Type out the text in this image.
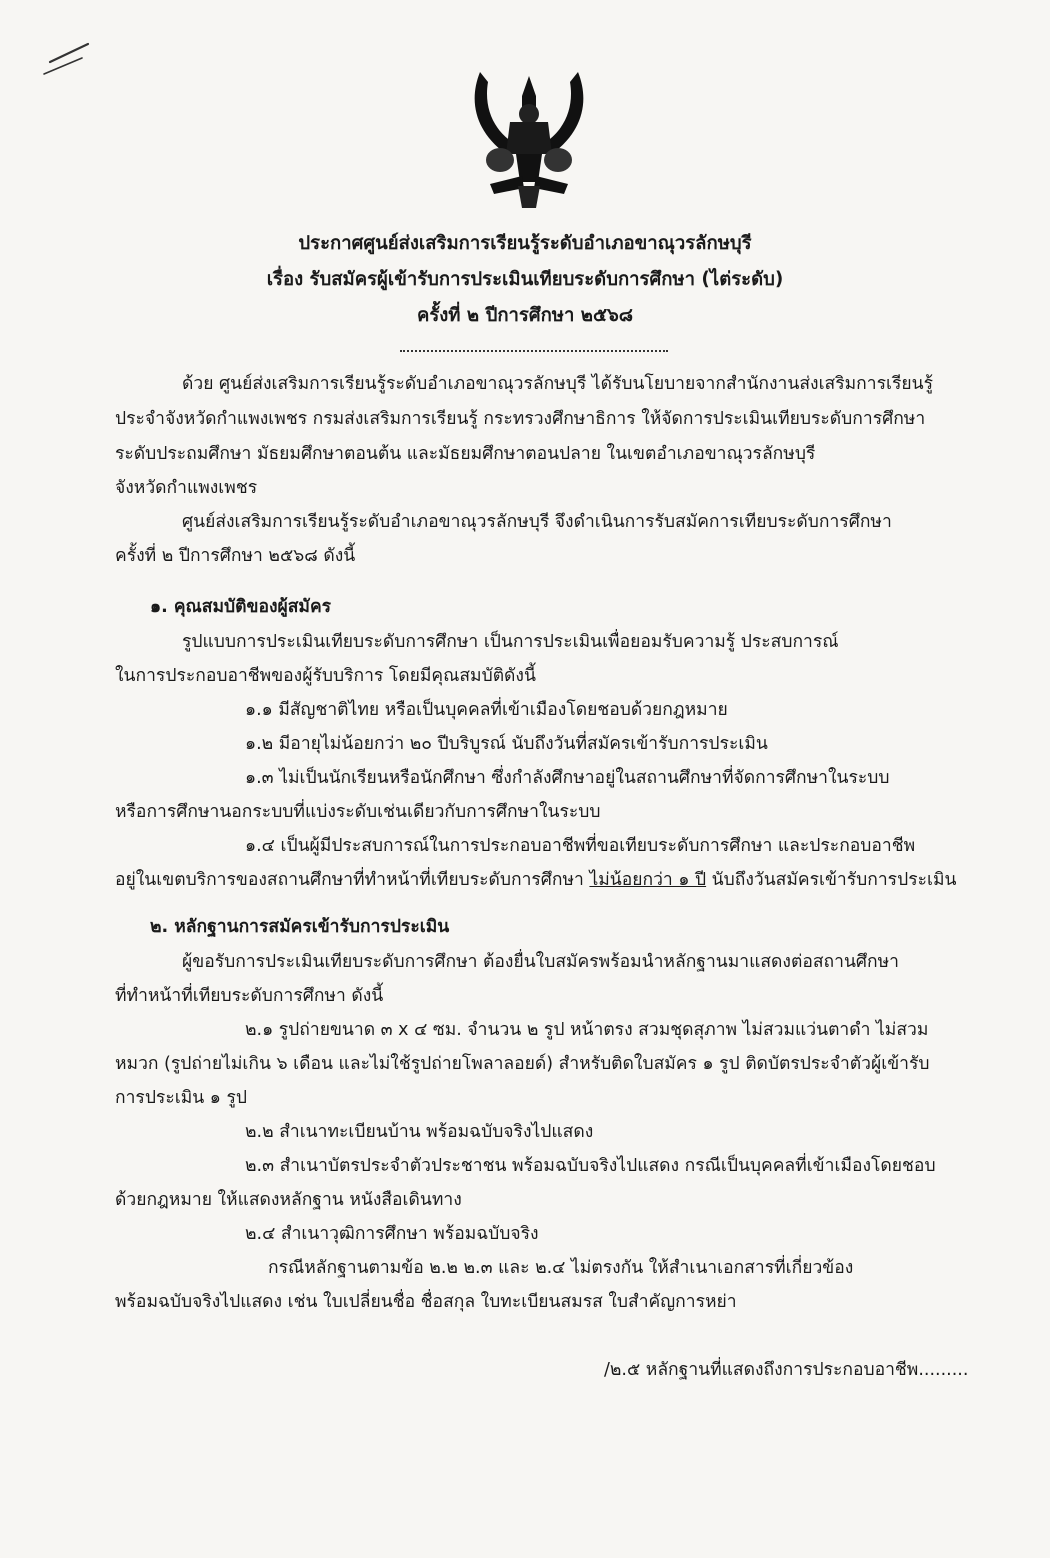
ประกาศศูนย์ส่งเสริมการเรียนรู้ระดับอำเภอขาณุวรลักษบุรี
เรื่อง รับสมัครผู้เข้ารับการประเมินเทียบระดับการศึกษา (ไต่ระดับ)
ครั้งที่ ๒ ปีการศึกษา ๒๕๖๘
ด้วย ศูนย์ส่งเสริมการเรียนรู้ระดับอำเภอขาณุวรลักษบุรี ได้รับนโยบายจากสำนักงานส่งเสริมการเรียนรู้
ประจำจังหวัดกำแพงเพชร กรมส่งเสริมการเรียนรู้ กระทรวงศึกษาธิการ ให้จัดการประเมินเทียบระดับการศึกษา
ระดับประถมศึกษา มัธยมศึกษาตอนต้น และมัธยมศึกษาตอนปลาย ในเขตอำเภอขาณุวรลักษบุรี
จังหวัดกำแพงเพชร
ศูนย์ส่งเสริมการเรียนรู้ระดับอำเภอขาณุวรลักษบุรี จึงดำเนินการรับสมัคการเทียบระดับการศึกษา
ครั้งที่ ๒ ปีการศึกษา ๒๕๖๘ ดังนี้
๑. คุณสมบัติของผู้สมัคร
รูปแบบการประเมินเทียบระดับการศึกษา เป็นการประเมินเพื่อยอมรับความรู้ ประสบการณ์
ในการประกอบอาชีพของผู้รับบริการ โดยมีคุณสมบัติดังนี้
๑.๑ มีสัญชาติไทย หรือเป็นบุคคลที่เข้าเมืองโดยชอบด้วยกฎหมาย
๑.๒ มีอายุไม่น้อยกว่า ๒๐ ปีบริบูรณ์ นับถึงวันที่สมัครเข้ารับการประเมิน
๑.๓ ไม่เป็นนักเรียนหรือนักศึกษา ซึ่งกำลังศึกษาอยู่ในสถานศึกษาที่จัดการศึกษาในระบบ
หรือการศึกษานอกระบบที่แบ่งระดับเช่นเดียวกับการศึกษาในระบบ
๑.๔ เป็นผู้มีประสบการณ์ในการประกอบอาชีพที่ขอเทียบระดับการศึกษา และประกอบอาชีพ
อยู่ในเขตบริการของสถานศึกษาที่ทำหน้าที่เทียบระดับการศึกษา ไม่น้อยกว่า ๑ ปี นับถึงวันสมัครเข้ารับการประเมิน
๒. หลักฐานการสมัครเข้ารับการประเมิน
ผู้ขอรับการประเมินเทียบระดับการศึกษา ต้องยื่นใบสมัครพร้อมนำหลักฐานมาแสดงต่อสถานศึกษา
ที่ทำหน้าที่เทียบระดับการศึกษา ดังนี้
๒.๑ รูปถ่ายขนาด ๓ x ๔ ซม. จำนวน ๒ รูป หน้าตรง สวมชุดสุภาพ ไม่สวมแว่นตาดำ ไม่สวม
หมวก (รูปถ่ายไม่เกิน ๖ เดือน และไม่ใช้รูปถ่ายโพลาลอยด์) สำหรับติดใบสมัคร ๑ รูป ติดบัตรประจำตัวผู้เข้ารับ
การประเมิน ๑ รูป
๒.๒ สำเนาทะเบียนบ้าน พร้อมฉบับจริงไปแสดง
๒.๓ สำเนาบัตรประจำตัวประชาชน พร้อมฉบับจริงไปแสดง กรณีเป็นบุคคลที่เข้าเมืองโดยชอบ
ด้วยกฎหมาย ให้แสดงหลักฐาน หนังสือเดินทาง
๒.๔ สำเนาวุฒิการศึกษา พร้อมฉบับจริง
กรณีหลักฐานตามข้อ ๒.๒ ๒.๓ และ ๒.๔ ไม่ตรงกัน ให้สำเนาเอกสารที่เกี่ยวข้อง
พร้อมฉบับจริงไปแสดง เช่น ใบเปลี่ยนชื่อ ชื่อสกุล ใบทะเบียนสมรส ใบสำคัญการหย่า
/๒.๕ หลักฐานที่แสดงถึงการประกอบอาชีพ.........
